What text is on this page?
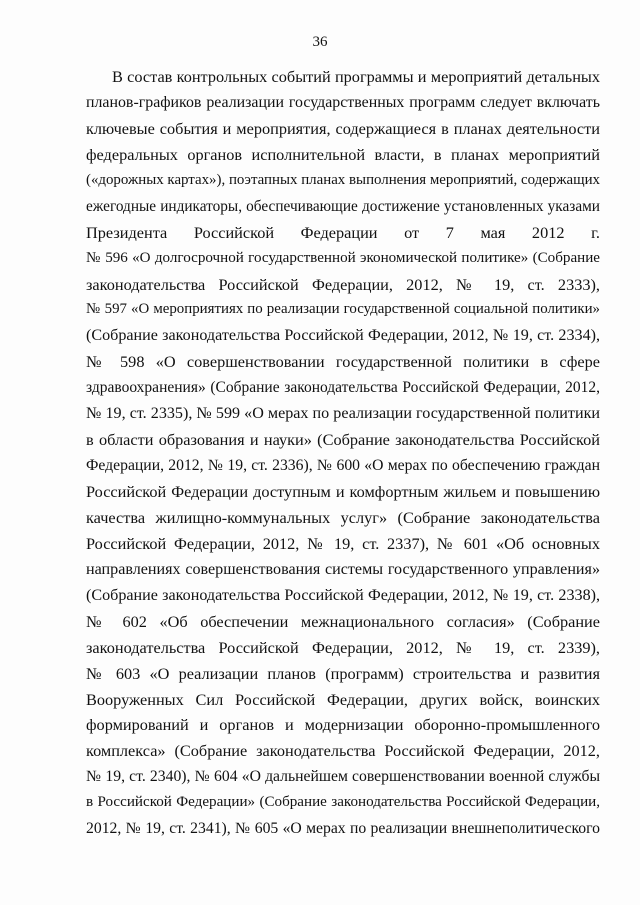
36
В состав контрольных событий программы и мероприятий детальных
планов-графиков реализации государственных программ следует включать
ключевые события и мероприятия, содержащиеся в планах деятельности
федеральных органов исполнительной власти, в планах мероприятий
(«дорожных картах»), поэтапных планах выполнения мероприятий, содержащих
ежегодные индикаторы, обеспечивающие достижение установленных указами
Президента Российской Федерации от 7 мая 2012 г.
№ 596 «О долгосрочной государственной экономической политике» (Собрание
законодательства Российской Федерации, 2012, № 19, ст. 2333),
№ 597 «О мероприятиях по реализации государственной социальной политики»
(Собрание законодательства Российской Федерации, 2012, № 19, ст. 2334),
№ 598 «О совершенствовании государственной политики в сфере
здравоохранения» (Собрание законодательства Российской Федерации, 2012,
№ 19, ст. 2335), № 599 «О мерах по реализации государственной политики
в области образования и науки» (Собрание законодательства Российской
Федерации, 2012, № 19, ст. 2336), № 600 «О мерах по обеспечению граждан
Российской Федерации доступным и комфортным жильем и повышению
качества жилищно-коммунальных услуг» (Собрание законодательства
Российской Федерации, 2012, № 19, ст. 2337), № 601 «Об основных
направлениях совершенствования системы государственного управления»
(Собрание законодательства Российской Федерации, 2012, № 19, ст. 2338),
№ 602 «Об обеспечении межнационального согласия» (Собрание
законодательства Российской Федерации, 2012, № 19, ст. 2339),
№ 603 «О реализации планов (программ) строительства и развития
Вооруженных Сил Российской Федерации, других войск, воинских
формирований и органов и модернизации оборонно-промышленного
комплекса» (Собрание законодательства Российской Федерации, 2012,
№ 19, ст. 2340), № 604 «О дальнейшем совершенствовании военной службы
в Российской Федерации» (Собрание законодательства Российской Федерации,
2012, № 19, ст. 2341), № 605 «О мерах по реализации внешнеполитического
